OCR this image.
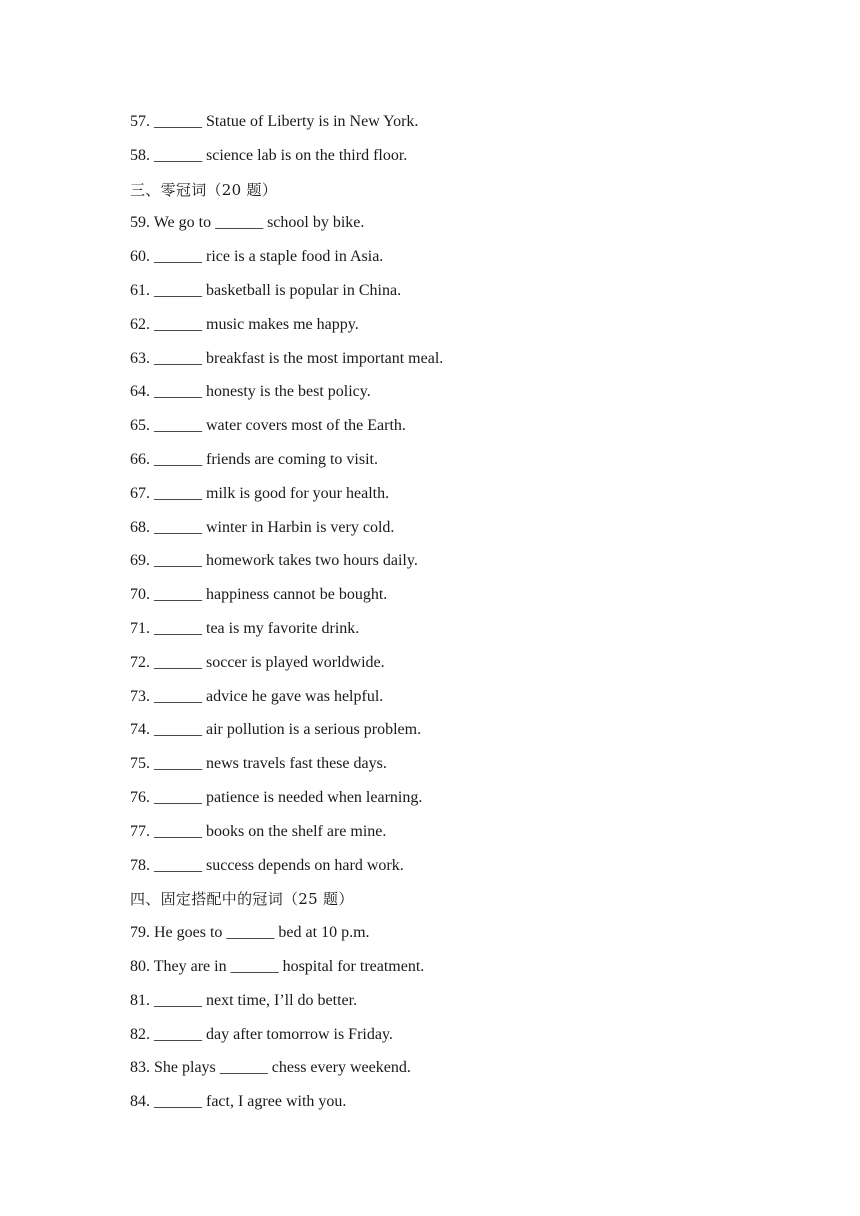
57. ______ Statue of Liberty is in New York.
58. ______ science lab is on the third floor.
三、零冠词（20 题）
59. We go to ______ school by bike.
60. ______ rice is a staple food in Asia.
61. ______ basketball is popular in China.
62. ______ music makes me happy.
63. ______ breakfast is the most important meal.
64. ______ honesty is the best policy.
65. ______ water covers most of the Earth.
66. ______ friends are coming to visit.
67. ______ milk is good for your health.
68. ______ winter in Harbin is very cold.
69. ______ homework takes two hours daily.
70. ______ happiness cannot be bought.
71. ______ tea is my favorite drink.
72. ______ soccer is played worldwide.
73. ______ advice he gave was helpful.
74. ______ air pollution is a serious problem.
75. ______ news travels fast these days.
76. ______ patience is needed when learning.
77. ______ books on the shelf are mine.
78. ______ success depends on hard work.
四、固定搭配中的冠词（25 题）
79. He goes to ______ bed at 10 p.m.
80. They are in ______ hospital for treatment.
81. ______ next time, I’ll do better.
82. ______ day after tomorrow is Friday.
83. She plays ______ chess every weekend.
84. ______ fact, I agree with you.
